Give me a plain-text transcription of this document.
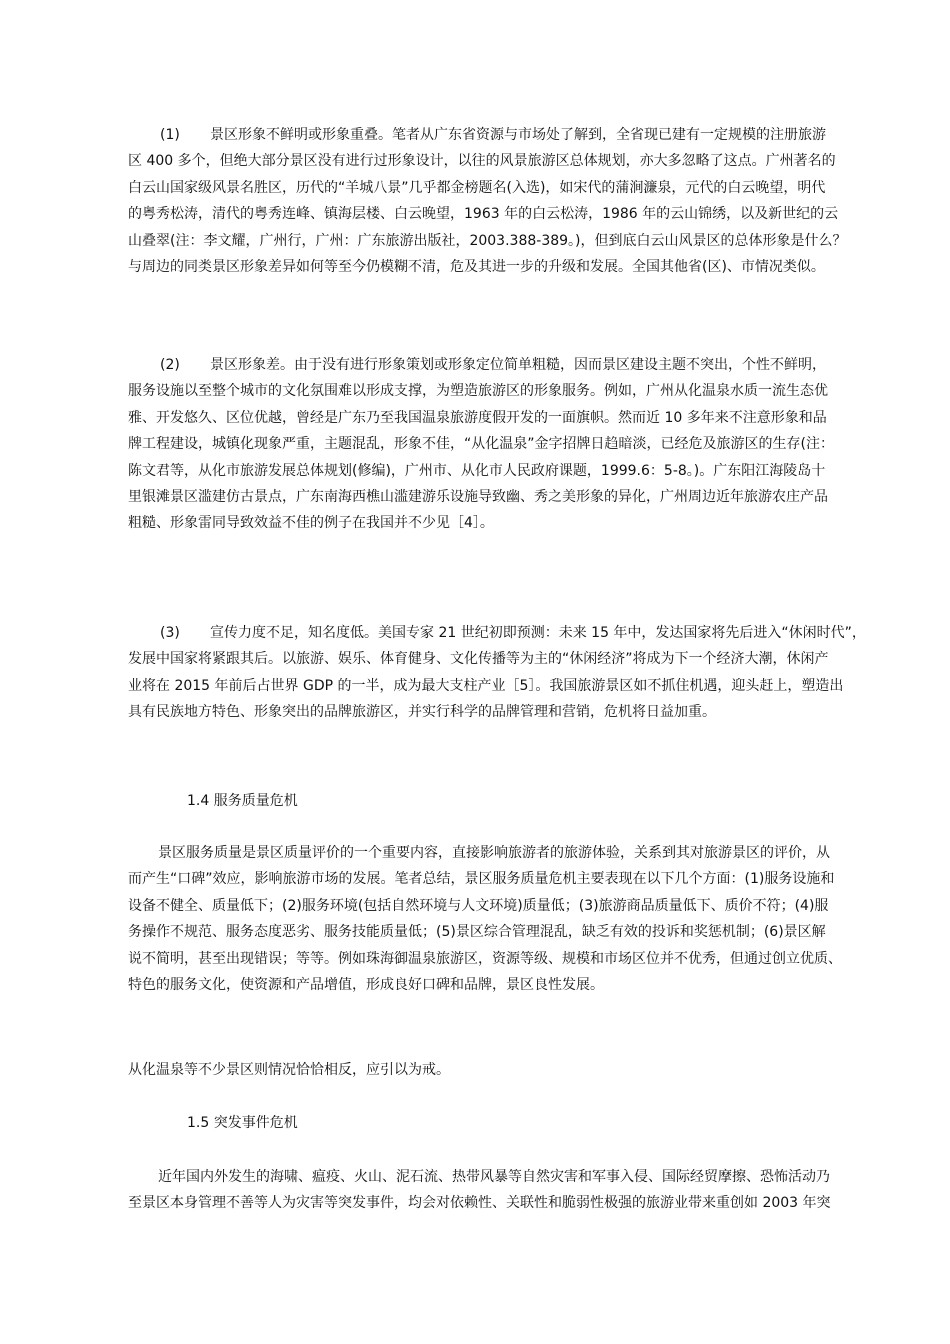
(1) 景区形象不鲜明或形象重叠。笔者从广东省资源与市场处了解到，全省现已建有一定规模的注册旅游
区 400 多个，但绝大部分景区没有进行过形象设计，以往的风景旅游区总体规划，亦大多忽略了这点。广州著名的
白云山国家级风景名胜区，历代的“羊城八景”几乎都金榜题名(入选)，如宋代的蒲涧濂泉，元代的白云晚望，明代
的粤秀松涛，清代的粤秀连峰、镇海层楼、白云晚望，1963 年的白云松涛，1986 年的云山锦绣，以及新世纪的云
山叠翠(注：李文耀，广州行，广州：广东旅游出版社，2003.388-389。)，但到底白云山风景区的总体形象是什么？
与周边的同类景区形象差异如何等至今仍模糊不清，危及其进一步的升级和发展。全国其他省(区)、市情况类似。
(2) 景区形象差。由于没有进行形象策划或形象定位简单粗糙，因而景区建设主题不突出，个性不鲜明，
服务设施以至整个城市的文化氛围难以形成支撑，为塑造旅游区的形象服务。例如，广州从化温泉水质一流生态优
雅、开发悠久、区位优越，曾经是广东乃至我国温泉旅游度假开发的一面旗帜。然而近 10 多年来不注意形象和品
牌工程建设，城镇化现象严重，主题混乱，形象不佳，“从化温泉”金字招牌日趋暗淡，已经危及旅游区的生存(注：
陈文君等，从化市旅游发展总体规划(修编)，广州市、从化市人民政府课题，1999.6：5-8。)。广东阳江海陵岛十
里银滩景区滥建仿古景点，广东南海西樵山滥建游乐设施导致幽、秀之美形象的异化，广州周边近年旅游农庄产品
粗糙、形象雷同导致效益不佳的例子在我国并不少见［4］。
(3) 宣传力度不足，知名度低。美国专家 21 世纪初即预测：未来 15 年中，发达国家将先后进入“休闲时代”，
发展中国家将紧跟其后。以旅游、娱乐、体育健身、文化传播等为主的“休闲经济”将成为下一个经济大潮，休闲产
业将在 2015 年前后占世界 GDP 的一半，成为最大支柱产业［5］。我国旅游景区如不抓住机遇，迎头赶上，塑造出
具有民族地方特色、形象突出的品牌旅游区，并实行科学的品牌管理和营销，危机将日益加重。
1.4 服务质量危机
景区服务质量是景区质量评价的一个重要内容，直接影响旅游者的旅游体验，关系到其对旅游景区的评价，从
而产生“口碑”效应，影响旅游市场的发展。笔者总结，景区服务质量危机主要表现在以下几个方面：(1)服务设施和
设备不健全、质量低下；(2)服务环境(包括自然环境与人文环境)质量低；(3)旅游商品质量低下、质价不符；(4)服
务操作不规范、服务态度恶劣、服务技能质量低；(5)景区综合管理混乱，缺乏有效的投诉和奖惩机制；(6)景区解
说不简明，甚至出现错误；等等。例如珠海御温泉旅游区，资源等级、规模和市场区位并不优秀，但通过创立优质、
特色的服务文化，使资源和产品增值，形成良好口碑和品牌，景区良性发展。
从化温泉等不少景区则情况恰恰相反，应引以为戒。
1.5 突发事件危机
近年国内外发生的海啸、瘟疫、火山、泥石流、热带风暴等自然灾害和军事入侵、国际经贸摩擦、恐怖活动乃
至景区本身管理不善等人为灾害等突发事件，均会对依赖性、关联性和脆弱性极强的旅游业带来重创如 2003 年突
